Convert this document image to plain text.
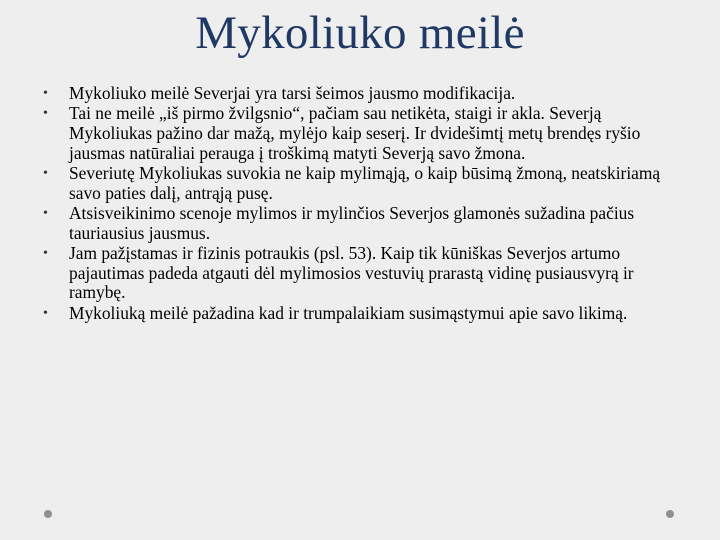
Mykoliuko meilė
• Mykoliuko meilė Severjai yra tarsi šeimos jausmo modifikacija.
• Tai ne meilė „iš pirmo žvilgsnio“, pačiam sau netikėta, staigi ir akla. Severją Mykoliukas pažino dar mažą, mylėjo kaip seserį. Ir dvidešimtį metų brendęs ryšio jausmas natūraliai perauga į troškimą matyti Severją savo žmona.
• Severiutę Mykoliukas suvokia ne kaip mylimąją, o kaip būsimą žmoną, neatskiriamą savo paties dalį, antrąją pusę.
• Atsisveikinimo scenoje mylimos ir mylinčios Severjos glamonės sužadina pačius tauriausius jausmus.
• Jam pažįstamas ir fizinis potraukis (psl. 53). Kaip tik kūniškas Severjos artumo pajautimas padeda atgauti dėl mylimosios vestuvių prarastą vidinę pusiausvyrą ir ramybę.
• Mykoliuką meilė pažadina kad ir trumpalaikiam susimąstymui apie savo likimą.
